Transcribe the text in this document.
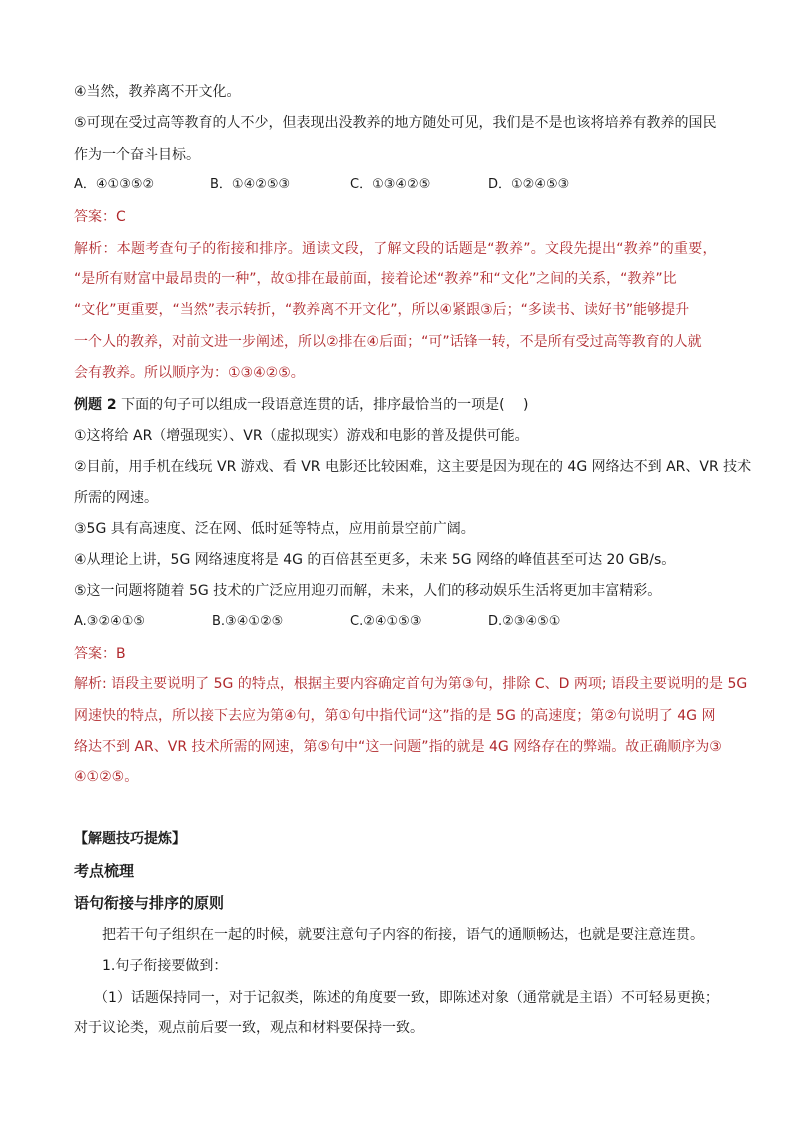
④当然，教养离不开文化。
⑤可现在受过高等教育的人不少，但表现出没教养的地方随处可见，我们是不是也该将培养有教养的国民
作为一个奋斗目标。
A．④①③⑤②	B．①④②⑤③	C．①③④②⑤	D．①②④⑤③
答案：C
解析：本题考查句子的衔接和排序。通读文段，了解文段的话题是“教养”。文段先提出“教养”的重要，
“是所有财富中最昂贵的一种”，故①排在最前面，接着论述“教养”和“文化”之间的关系，“教养”比
“文化”更重要，“当然”表示转折，“教养离不开文化”，所以④紧跟③后；“多读书、读好书”能够提升
一个人的教养，对前文进一步阐述，所以②排在④后面；“可”话锋一转，不是所有受过高等教育的人就
会有教养。所以顺序为：①③④②⑤。
例题 2 下面的句子可以组成一段语意连贯的话，排序最恰当的一项是(　 )
①这将给 AR（增强现实）、VR（虚拟现实）游戏和电影的普及提供可能。
②目前，用手机在线玩 VR 游戏、看 VR 电影还比较困难，这主要是因为现在的 4G 网络达不到 AR、VR 技术
所需的网速。
③5G 具有高速度、泛在网、低时延等特点，应用前景空前广阔。
④从理论上讲，5G 网络速度将是 4G 的百倍甚至更多，未来 5G 网络的峰值甚至可达 20 GB/s。
⑤这一问题将随着 5G 技术的广泛应用迎刃而解，未来，人们的移动娱乐生活将更加丰富精彩。
A.③②④①⑤	B.③④①②⑤	C.②④①⑤③	D.②③④⑤①
答案：B
解析: 语段主要说明了 5G 的特点，根据主要内容确定首句为第③句，排除 C、D 两项; 语段主要说明的是 5G
网速快的特点，所以接下去应为第④句，第①句中指代词“这”指的是 5G 的高速度；第②句说明了 4G 网
络达不到 AR、VR 技术所需的网速，第⑤句中“这一问题”指的就是 4G 网络存在的弊端。故正确顺序为③
④①②⑤。
【解题技巧提炼】
考点梳理
语句衔接与排序的原则
把若干句子组织在一起的时候，就要注意句子内容的衔接，语气的通顺畅达，也就是要注意连贯。
1.句子衔接要做到：
（1）话题保持同一，对于记叙类，陈述的角度要一致，即陈述对象（通常就是主语）不可轻易更换；
对于议论类，观点前后要一致，观点和材料要保持一致。
